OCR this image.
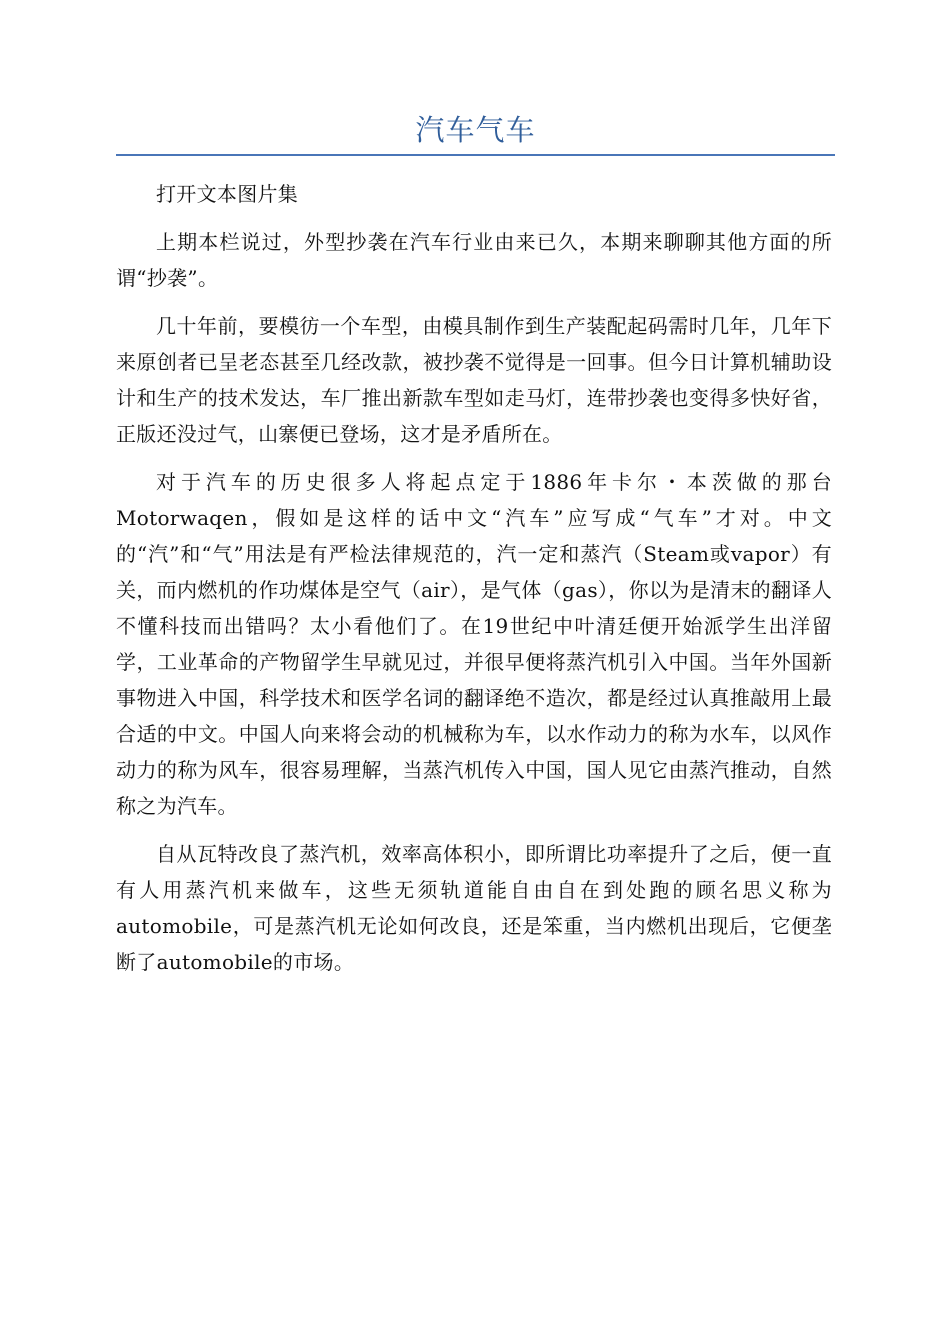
汽车气车

打开文本图片集

上期本栏说过，外型抄袭在汽车行业由来已久，本期来聊聊其他方面的所谓“抄袭”。

几十年前，要模彷一个车型，由模具制作到生产装配起码需时几年，几年下来原创者已呈老态甚至几经改款，被抄袭不觉得是一回事。但今日计算机辅助设计和生产的技术发达，车厂推出新款车型如走马灯，连带抄袭也变得多快好省，正版还没过气，山寨便已登场，这才是矛盾所在。

对于汽车的历史很多人将起点定于1886年卡尔・本茨做的那台Motorwaqen，假如是这样的话中文“汽车”应写成“气车”才对。中文的“汽”和“气”用法是有严检法律规范的，汽一定和蒸汽（Steam或vapor）有关，而内燃机的作功煤体是空气（air），是气体（gas），你以为是清末的翻译人不懂科技而出错吗？太小看他们了。在19世纪中叶清廷便开始派学生出洋留学，工业革命的产物留学生早就见过，并很早便将蒸汽机引入中国。当年外国新事物进入中国，科学技术和医学名词的翻译绝不造次，都是经过认真推敲用上最合适的中文。中国人向来将会动的机械称为车，以水作动力的称为水车，以风作动力的称为风车，很容易理解，当蒸汽机传入中国，国人见它由蒸汽推动，自然称之为汽车。

自从瓦特改良了蒸汽机，效率高体积小，即所谓比功率提升了之后，便一直有人用蒸汽机来做车，这些无须轨道能自由自在到处跑的顾名思义称为automobile，可是蒸汽机无论如何改良，还是笨重，当内燃机出现后，它便垄断了automobile的市场。
